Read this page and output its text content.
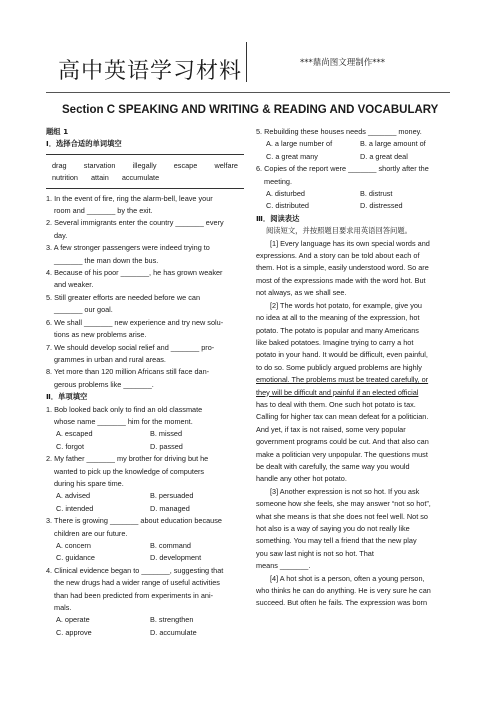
高中英语学习材料	***鼎尚图文理制作***
Section C SPEAKING AND WRITING & READING AND VOCABULARY
题组 1
Ⅰ．选择合适的单词填空
drag starvation illegally escape welfare
nutrition attain accumulate
1. In the event of fire, ring the alarm-bell, leave your
room and _______ by the exit.
2. Several immigrants enter the country _______ every
day.
3. A few stronger passengers were indeed trying to
_______ the man down the bus.
4. Because of his poor _______, he has grown weaker
and weaker.
5. Still greater efforts are needed before we can
_______ our goal.
6. We shall _______ new experience and try new solu-
tions as new problems arise.
7. We should develop social relief and _______ pro-
grammes in urban and rural areas.
8. Yet more than 120 million Africans still face dan-
gerous problems like _______.
Ⅱ．单项填空
1. Bob looked back only to find an old classmate
whose name _______ him for the moment.
A. escaped	B. missed
C. forgot	D. passed
2. My father _______ my brother for driving but he
wanted to pick up the knowledge of computers
during his spare time.
A. advised	B. persuaded
C. intended	D. managed
3. There is growing _______ about education because
children are our future.
A. concern	B. command
C. guidance	D. development
4. Clinical evidence began to _______, suggesting that
the new drugs had a wider range of useful activities
than had been predicted from experiments in ani-
mals.
A. operate	B. strengthen
C. approve	D. accumulate
5. Rebuilding these houses needs _______ money.
A. a large number of	B. a large amount of
C. a great many	D. a great deal
6. Copies of the report were _______ shortly after the
meeting.
A. disturbed	B. distrust
C. distributed	D. distressed
Ⅲ．阅读表达
阅读短文，并按照题目要求用英语回答问题。
[1] Every language has its own special words and
expressions. And a story can be told about each of
them. Hot is a simple, easily understood word. So are
most of the expressions made with the word hot. But
not always, as we shall see.
[2] The words hot potato, for example, give you
no idea at all to the meaning of the expression, hot
potato. The potato is popular and many Americans
like baked potatoes. Imagine trying to carry a hot
potato in your hand. It would be difficult, even painful,
to do so. Some publicly argued problems are highly
emotional. The problems must be treated carefully, or
they will be difficult and painful if an elected official
has to deal with them. One such hot potato is tax.
Calling for higher tax can mean defeat for a politician.
And yet, if tax is not raised, some very popular
government programs could be cut. And that also can
make a politician very unpopular. The questions must
be dealt with carefully, the same way you would
handle any other hot potato.
[3] Another expression is not so hot. If you ask
someone how she feels, she may answer “not so hot”,
what she means is that she does not feel well. Not so
hot also is a way of saying you do not really like
something. You may tell a friend that the new play
you saw last night is not so hot. That
means _______.
[4] A hot shot is a person, often a young person,
who thinks he can do anything. He is very sure he can
succeed. But often he fails. The expression was born
